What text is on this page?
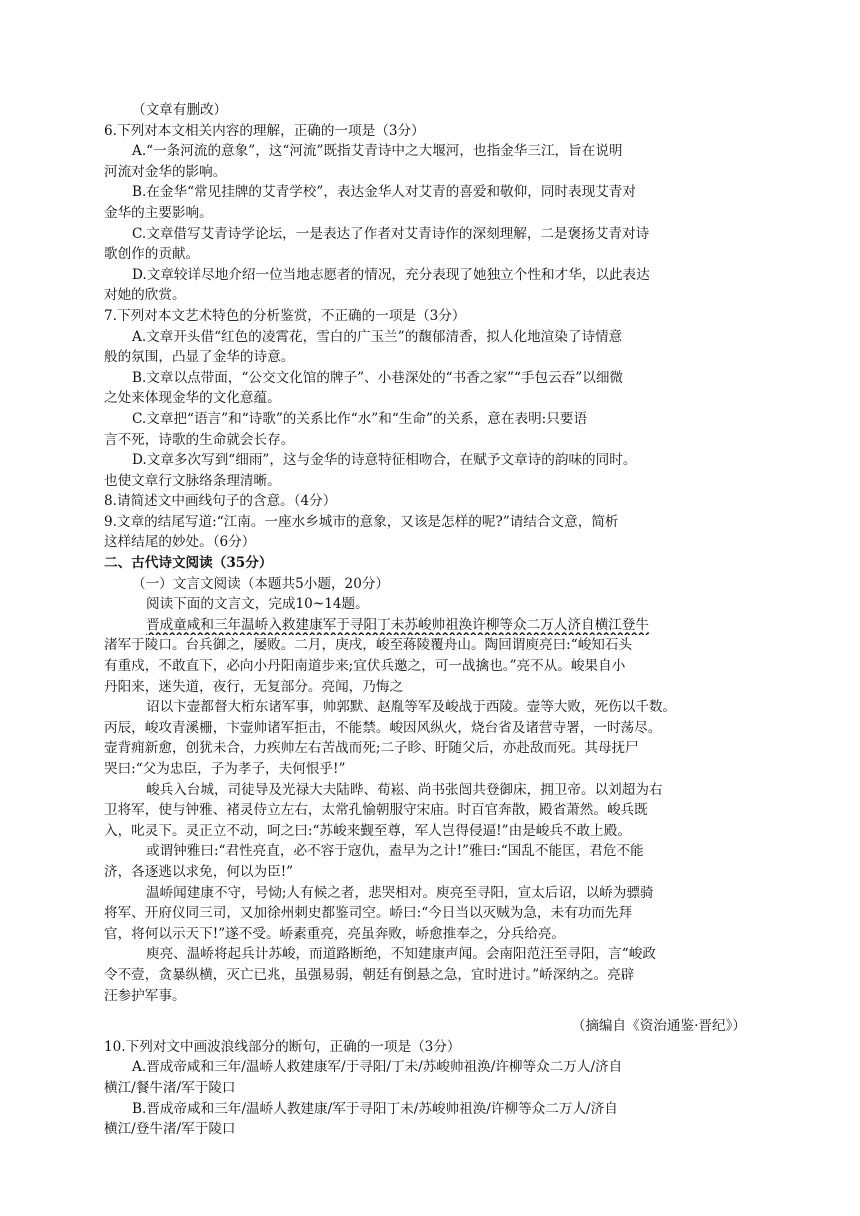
（文章有删改）
6.下列对本文相关内容的理解，正确的一项是（3分）
A.“一条河流的意象”，这“河流”既指艾青诗中之大堰河，也指金华三江，旨在说明
河流对金华的影响。
B.在金华“常见挂牌的艾青学校”，表达金华人对艾青的喜爱和敬仰，同时表现艾青对
金华的主要影响。
C.文章借写艾青诗学论坛，一是表达了作者对艾青诗作的深刻理解，二是褒扬艾青对诗
歌创作的贡献。
D.文章较详尽地介绍一位当地志愿者的情况，充分表现了她独立个性和才华，以此表达
对她的欣赏。
7.下列对本文艺术特色的分析鉴赏，不正确的一项是（3分）
A.文章开头借“红色的凌霄花，雪白的广玉兰”的馥郁清香，拟人化地渲染了诗情意
般的氛围，凸显了金华的诗意。
B.文章以点带面，“公交文化馆的牌子”、小巷深处的“书香之家”“手包云吞”以细微
之处来体现金华的文化意蕴。
C.文章把“语言”和“诗歌”的关系比作“水”和“生命”的关系，意在表明:只要语
言不死，诗歌的生命就会长存。
D.文章多次写到“细雨”，这与金华的诗意特征相吻合，在赋予文章诗的韵味的同时。
也使文章行文脉络条理清晰。
8.请简述文中画线句子的含意。（4分）
9.文章的结尾写道:“江南。一座水乡城市的意象，又该是怎样的呢?”请结合文意，简析
这样结尾的妙处。（6分）
二、古代诗文阅读（35分）
（一）文言文阅读（本题共5小题，20分）
阅读下面的文言文，完成10~14题。
晋成童咸和三年温峤入救建康军于寻阳丁未苏峻帅祖涣许柳等众二万人济自横江登牛
渚军于陵口。台兵御之，屡败。二月，庚戌，峻至蒋陵覆舟山。陶回谓庾亮曰:“峻知石头
有重戍，不敢直下，必向小丹阳南道步来;宜伏兵邀之，可一战擒也。”亮不从。峻果自小
丹阳来，迷失道，夜行，无复部分。亮闻，乃悔之
诏以卞壸都督大桁东诸军事，帅郭默、赵胤等军及峻战于西陵。壸等大败，死伤以千数。
丙辰，峻攻青溪栅，卞壸帅诸军拒击，不能禁。峻因风纵火，烧台省及诸营寺署，一时荡尽。
壸背痈新愈，创犹未合，力疾帅左右苦战而死;二子眕、盱随父后，亦赴敌而死。其母抚尸
哭曰:“父为忠臣，子为孝子，夫何恨乎!”
峻兵入台城，司徒导及光禄大夫陆晔、荀崧、尚书张闿共登御床，拥卫帝。以刘超为右
卫将军，使与钟雅、褚灵侍立左右，太常孔愉朝服守宋庙。时百官奔散，殿省萧然。峻兵既
入，叱灵下。灵正立不动，呵之曰:“苏峻来觐至尊，军人岂得侵逼!”由是峻兵不敢上殿。
或谓钟雅曰:“君性亮直，必不容于寇仇，盍早为之计!”雅曰:“国乱不能匡，君危不能
济，各逐逃以求免，何以为臣!”
温峤闻建康不守，号恸;人有候之者，悲哭相对。庾亮至寻阳，宣太后诏，以峤为骠骑
将军、开府仪同三司，又加徐州刺史都鉴司空。峤曰:“今日当以灭贼为急，未有功而先拜
官，将何以示天下!”遂不受。峤素重亮，亮虽奔败，峤愈推奉之，分兵给亮。
庾亮、温峤将起兵计苏峻，而道路断绝，不知建康声闻。会南阳范汪至寻阳，言“峻政
令不壹，贪暴纵横，灭亡已兆，虽强易弱，朝廷有倒悬之急，宜时进讨。”峤深纳之。亮辟
汪参护军事。
（摘编自《资治通鉴·晋纪》）
10.下列对文中画波浪线部分的断句，正确的一项是（3分）
A.晋成帝咸和三年/温峤人救建康军/于寻阳/丁未/苏峻帅祖涣/许柳等众二万人/济自
横江/餐牛渚/军于陵口
B.晋成帝咸和三年/温峤人教建康/军于寻阳丁未/苏峻帅祖涣/许柳等众二万人/济自
横江/登牛渚/军于陵口
